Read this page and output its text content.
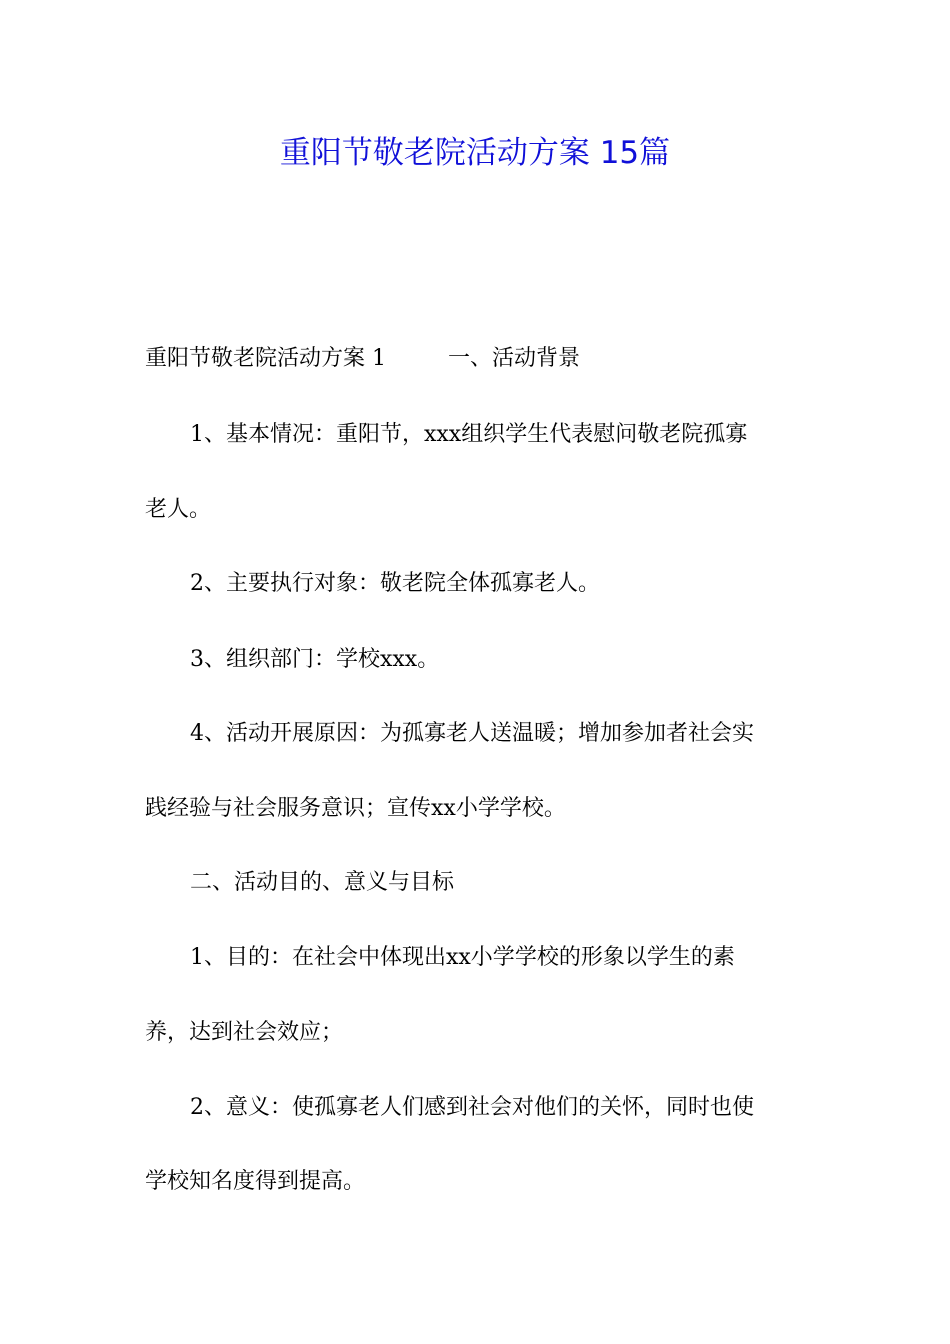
重阳节敬老院活动方案 15篇
重阳节敬老院活动方案 1	一、活动背景
1、基本情况：重阳节，xxx组织学生代表慰问敬老院孤寡
老人。
2、主要执行对象：敬老院全体孤寡老人。
3、组织部门：学校xxx。
4、活动开展原因：为孤寡老人送温暖；增加参加者社会实
践经验与社会服务意识；宣传xx小学学校。
二、活动目的、意义与目标
1、目的：在社会中体现出xx小学学校的形象以学生的素
养，达到社会效应；
2、意义：使孤寡老人们感到社会对他们的关怀，同时也使
学校知名度得到提高。
